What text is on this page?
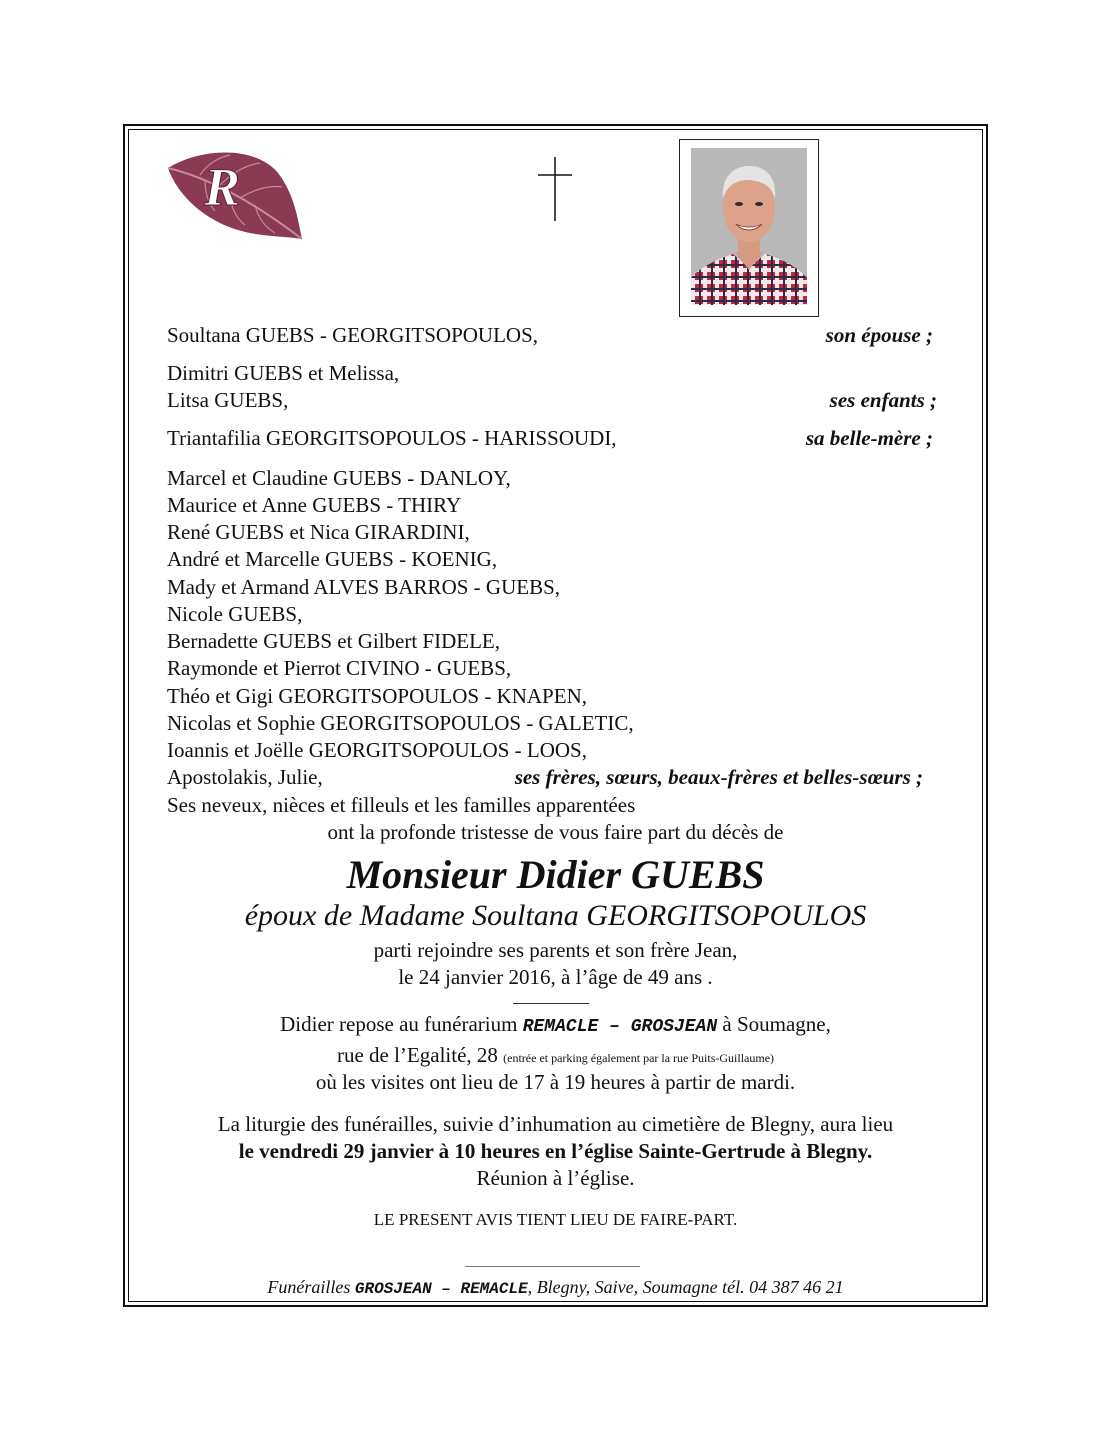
R
Soultana GUEBS - GEORGITSOPOULOS,	son épouse ;
Dimitri GUEBS et Melissa,
Litsa GUEBS,	ses enfants ;
Triantafilia GEORGITSOPOULOS - HARISSOUDI,	sa belle-mère ;
Marcel et Claudine GUEBS - DANLOY,
Maurice et Anne GUEBS - THIRY
René GUEBS et Nica GIRARDINI,
André et Marcelle GUEBS - KOENIG,
Mady et Armand ALVES BARROS - GUEBS,
Nicole GUEBS,
Bernadette GUEBS et Gilbert FIDELE,
Raymonde et Pierrot CIVINO - GUEBS,
Théo et Gigi GEORGITSOPOULOS - KNAPEN,
Nicolas et Sophie GEORGITSOPOULOS - GALETIC,
Ioannis et Joëlle GEORGITSOPOULOS - LOOS,
Apostolakis, Julie,	ses frères, sœurs, beaux-frères et belles-sœurs ;
Ses neveux, nièces et filleuls et les familles apparentées
ont la profonde tristesse de vous faire part du décès de
Monsieur Didier GUEBS
époux de Madame Soultana GEORGITSOPOULOS
parti rejoindre ses parents et son frère Jean,
le 24 janvier 2016, à l’âge de 49 ans .
Didier repose au funérarium REMACLE – GROSJEAN à Soumagne,
rue de l’Egalité, 28 (entrée et parking également par la rue Puits-Guillaume)
où les visites ont lieu de 17 à 19 heures à partir de mardi.
La liturgie des funérailles, suivie d’inhumation au cimetière de Blegny, aura lieu
le vendredi 29 janvier à 10 heures en l’église Sainte-Gertrude à Blegny.
Réunion à l’église.
LE PRESENT AVIS TIENT LIEU DE FAIRE-PART.
Funérailles GROSJEAN – REMACLE, Blegny, Saive, Soumagne tél. 04 387 46 21
